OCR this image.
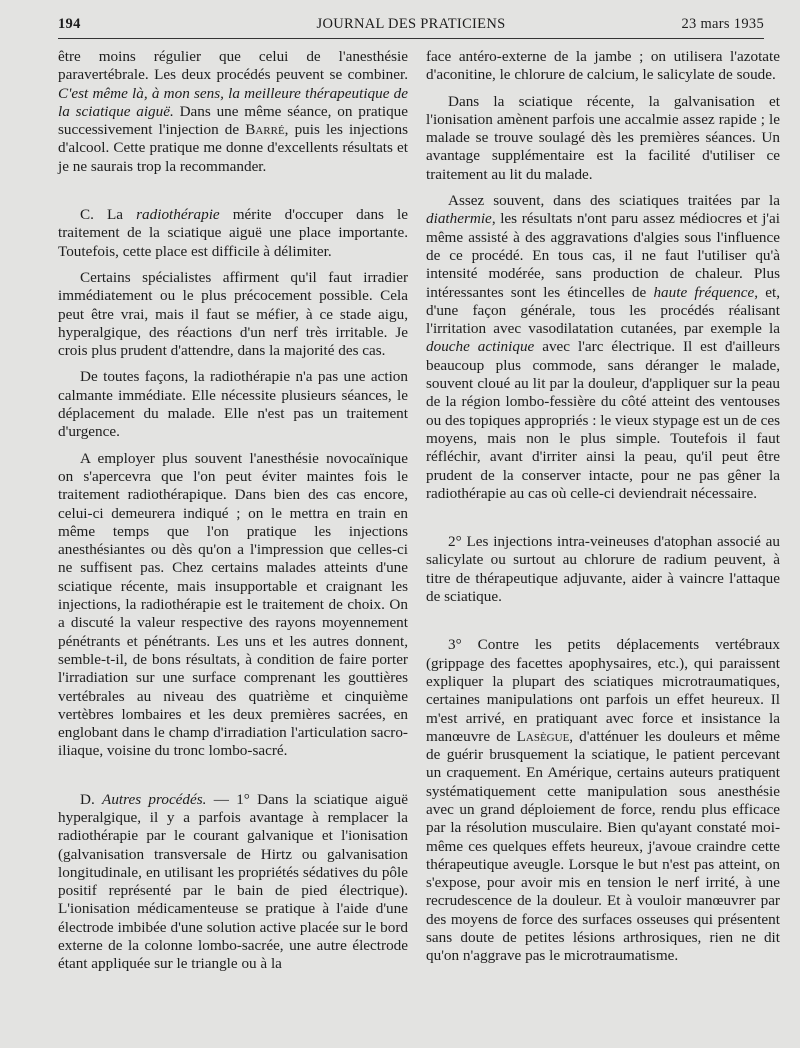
JOURNAL DES PRATICIENS
194	23 mars 1935

être moins régulier que celui de l'anesthésie paravertébrale. Les deux procédés peuvent se combiner. C'est même là, à mon sens, la meilleure thérapeutique de la sciatique aiguë. Dans une même séance, on pratique successivement l'injection de Barré, puis les injections d'alcool. Cette pratique me donne d'excellents résultats et je ne saurais trop la recommander.

C. La radiothérapie mérite d'occuper dans le traitement de la sciatique aiguë une place importante. Toutefois, cette place est difficile à délimiter.

Certains spécialistes affirment qu'il faut irradier immédiatement ou le plus précocement possible. Cela peut être vrai, mais il faut se méfier, à ce stade aigu, hyperalgique, des réactions d'un nerf très irritable. Je crois plus prudent d'attendre, dans la majorité des cas.

De toutes façons, la radiothérapie n'a pas une action calmante immédiate. Elle nécessite plusieurs séances, le déplacement du malade. Elle n'est pas un traitement d'urgence.

A employer plus souvent l'anesthésie novocaïnique on s'apercevra que l'on peut éviter maintes fois le traitement radiothérapique. Dans bien des cas encore, celui-ci demeurera indiqué ; on le mettra en train en même temps que l'on pratique les injections anesthésiantes ou dès qu'on a l'impression que celles-ci ne suffisent pas. Chez certains malades atteints d'une sciatique récente, mais insupportable et craignant les injections, la radiothérapie est le traitement de choix. On a discuté la valeur respective des rayons moyennement pénétrants et pénétrants. Les uns et les autres donnent, semble-t-il, de bons résultats, à condition de faire porter l'irradiation sur une surface comprenant les gouttières vertébrales au niveau des quatrième et cinquième vertèbres lombaires et les deux premières sacrées, en englobant dans le champ d'irradiation l'articulation sacro-iliaque, voisine du tronc lombo-sacré.

D. Autres procédés. — 1° Dans la sciatique aiguë hyperalgique, il y a parfois avantage à remplacer la radiothérapie par le courant galvanique et l'ionisation (galvanisation transversale de Hirtz ou galvanisation longitudinale, en utilisant les propriétés sédatives du pôle positif représenté par le bain de pied électrique). L'ionisation médicamenteuse se pratique à l'aide d'une électrode imbibée d'une solution active placée sur le bord externe de la colonne lombo-sacrée, une autre électrode étant appliquée sur le triangle ou à la

face antéro-externe de la jambe ; on utilisera l'azotate d'aconitine, le chlorure de calcium, le salicylate de soude.

Dans la sciatique récente, la galvanisation et l'ionisation amènent parfois une accalmie assez rapide ; le malade se trouve soulagé dès les premières séances. Un avantage supplémentaire est la facilité d'utiliser ce traitement au lit du malade.

Assez souvent, dans des sciatiques traitées par la diathermie, les résultats n'ont paru assez médiocres et j'ai même assisté à des aggravations d'algies sous l'influence de ce procédé. En tous cas, il ne faut l'utiliser qu'à intensité modérée, sans production de chaleur. Plus intéressantes sont les étincelles de haute fréquence, et, d'une façon générale, tous les procédés réalisant l'irritation avec vasodilatation cutanées, par exemple la douche actinique avec l'arc électrique. Il est d'ailleurs beaucoup plus commode, sans déranger le malade, souvent cloué au lit par la douleur, d'appliquer sur la peau de la région lombo-fessière du côté atteint des ventouses ou des topiques appropriés : le vieux stypage est un de ces moyens, mais non le plus simple. Toutefois il faut réfléchir, avant d'irriter ainsi la peau, qu'il peut être prudent de la conserver intacte, pour ne pas gêner la radiothérapie au cas où celle-ci deviendrait nécessaire.

2° Les injections intra-veineuses d'atophan associé au salicylate ou surtout au chlorure de radium peuvent, à titre de thérapeutique adjuvante, aider à vaincre l'attaque de sciatique.

3° Contre les petits déplacements vertébraux (grippage des facettes apophysaires, etc.), qui paraissent expliquer la plupart des sciatiques microtraumatiques, certaines manipulations ont parfois un effet heureux. Il m'est arrivé, en pratiquant avec force et insistance la manœuvre de Lasègue, d'atténuer les douleurs et même de guérir brusquement la sciatique, le patient percevant un craquement. En Amérique, certains auteurs pratiquent systématiquement cette manipulation sous anesthésie avec un grand déploiement de force, rendu plus efficace par la résolution musculaire. Bien qu'ayant constaté moi-même ces quelques effets heureux, j'avoue craindre cette thérapeutique aveugle. Lorsque le but n'est pas atteint, on s'expose, pour avoir mis en tension le nerf irrité, à une recrudescence de la douleur. Et à vouloir manœuvrer par des moyens de force des surfaces osseuses qui présentent sans doute de petites lésions arthrosiques, rien ne dit qu'on n'aggrave pas le microtraumatisme.
